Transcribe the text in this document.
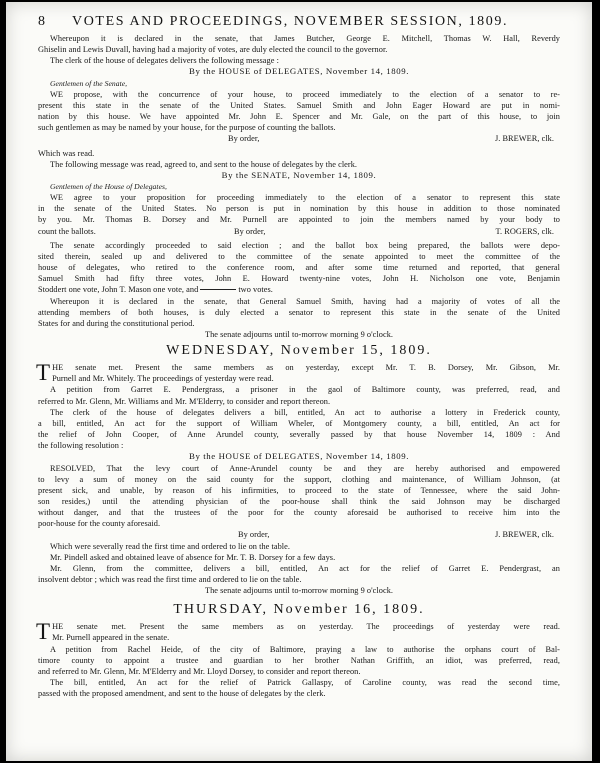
8 VOTES AND PROCEEDINGS, NOVEMBER SESSION, 1809.
Whereupon it is declared in the senate, that James Butcher, George E. Mitchell, Thomas W. Hall, Reverdy
Ghiselin and Lewis Duvall, having had a majority of votes, are duly elected the council to the governor.
The clerk of the house of delegates delivers the following message :
By the HOUSE of DELEGATES, November 14, 1809.
Gentlemen of the Senate,
WE propose, with the concurrence of your house, to proceed immediately to the election of a senator to re-
present this state in the senate of the United States. Samuel Smith and John Eager Howard are put in nomi-
nation by this house. We have appointed Mr. John E. Spencer and Mr. Gale, on the part of this house, to join
such gentlemen as may be named by your house, for the purpose of counting the ballots.
By order,	J. BREWER, clk.
Which was read.
The following message was read, agreed to, and sent to the house of delegates by the clerk.
By the SENATE, November 14, 1809.
Gentlemen of the House of Delegates,
WE agree to your proposition for proceeding immediately to the election of a senator to represent this state
in the senate of the United States. No person is put in nomination by this house in addition to those nominated
by you. Mr. Thomas B. Dorsey and Mr. Purnell are appointed to join the members named by your body to
count the ballots.	By order,	T. ROGERS, clk.
The senate accordingly proceeded to said election ; and the ballot box being prepared, the ballots were depo-
sited therein, sealed up and delivered to the committee of the senate appointed to meet the committee of the
house of delegates, who retired to the conference room, and after some time returned and reported, that general
Samuel Smith had fifty three votes, John E. Howard twenty-nine votes, John H. Nicholson one vote, Benjamin
Stoddert one vote, John T. Mason one vote, and	two votes.
Whereupon it is declared in the senate, that General Samuel Smith, having had a majority of votes of all the
attending members of both houses, is duly elected a senator to represent this state in the senate of the United
States for and during the constitutional period.
The senate adjourns until to-morrow morning 9 o'clock.
WEDNESDAY, November 15, 1809.
T HE senate met. Present the same members as on yesterday, except Mr. T. B. Dorsey, Mr. Gibson, Mr.
Purnell and Mr. Whitely. The proceedings of yesterday were read.
A petition from Garret E. Pendergrass, a prisoner in the gaol of Baltimore county, was preferred, read, and
referred to Mr. Glenn, Mr. Williams and Mr. M'Elderry, to consider and report thereon.
The clerk of the house of delegates delivers a bill, entitled, An act to authorise a lottery in Frederick county,
a bill, entitled, An act for the support of William Wheler, of Montgomery county, a bill, entitled, An act for
the relief of John Cooper, of Anne Arundel county, severally passed by that house November 14, 1809 : And
the following resolution :
By the HOUSE of DELEGATES, November 14, 1809.
RESOLVED, That the levy court of Anne-Arundel county be and they are hereby authorised and empowered
to levy a sum of money on the said county for the support, clothing and maintenance, of William Johnson, (at
present sick, and unable, by reason of his infirmities, to proceed to the state of Tennessee, where the said John-
son resides,) until the attending physician of the poor-house shall think the said Johnson may be discharged
without danger, and that the trustees of the poor for the county aforesaid be authorised to receive him into the
poor-house for the county aforesaid.
By order,	J. BREWER, clk.
Which were severally read the first time and ordered to lie on the table.
Mr. Pindell asked and obtained leave of absence for Mr. T. B. Dorsey for a few days.
Mr. Glenn, from the committee, delivers a bill, entitled, An act for the relief of Garret E. Pendergrast, an
insolvent debtor ; which was read the first time and ordered to lie on the table.
The senate adjourns until to-morrow morning 9 o'clock.
THURSDAY, November 16, 1809.
T HE senate met. Present the same members as on yesterday. The proceedings of yesterday were read.
Mr. Purnell appeared in the senate.
A petition from Rachel Heide, of the city of Baltimore, praying a law to authorise the orphans court of Bal-
timore county to appoint a trustee and guardian to her brother Nathan Griffith, an idiot, was preferred, read,
and referred to Mr. Glenn, Mr. M'Elderry and Mr. Lloyd Dorsey, to consider and report thereon.
The bill, entitled, An act for the relief of Patrick Gallaspy, of Caroline county, was read the second time,
passed with the proposed amendment, and sent to the house of delegates by the clerk.
